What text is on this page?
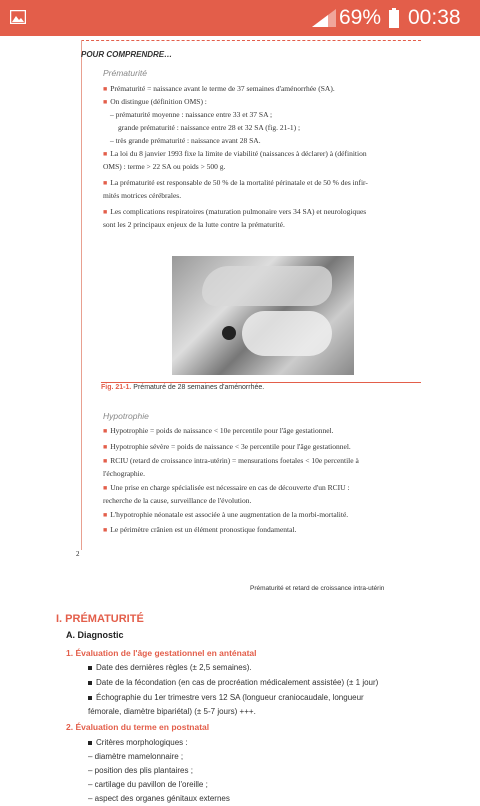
69% 00:38
POUR COMPRENDRE…
Prématurité
■ Prématurité = naissance avant le terme de 37 semaines d'aménorrhée (SA).
■ On distingue (définition OMS) :
– prématurité moyenne : naissance entre 33 et 37 SA ;
grande prématurité : naissance entre 28 et 32 SA (fig. 21-1) ;
– très grande prématurité : naissance avant 28 SA.
■ La loi du 8 janvier 1993 fixe la limite de viabilité (naissances à déclarer) à (définition
OMS) : terme > 22 SA ou poids > 500 g.
■ La prématurité est responsable de 50 % de la mortalité périnatale et de 50 % des infir-
mités motrices cérébrales.
■ Les complications respiratoires (maturation pulmonaire vers 34 SA) et neurologiques
sont les 2 principaux enjeux de la lutte contre la prématurité.
Fig. 21-1. Prématuré de 28 semaines d'aménorrhée.
Hypotrophie
■ Hypotrophie = poids de naissance < 10e percentile pour l'âge gestationnel.
■ Hypotrophie sévère = poids de naissance < 3e percentile pour l'âge gestationnel.
■ RCIU (retard de croissance intra-utérin) = mensurations foetales < 10e percentile à
l'échographie.
■ Une prise en charge spécialisée est nécessaire en cas de découverte d'un RCIU :
recherche de la cause, surveillance de l'évolution.
■ L'hypotrophie néonatale est associée à une augmentation de la morbi-mortalité.
■ Le périmètre crânien est un élément pronostique fondamental.
2
Prématurité et retard de croissance intra-utérin
I. PRÉMATURITÉ
A. Diagnostic
1. Évaluation de l'âge gestationnel en anténatal
Date des dernières règles (± 2,5 semaines).
Date de la fécondation (en cas de procréation médicalement assistée) (± 1 jour)
Échographie du 1er trimestre vers 12 SA (longueur craniocaudale, longueur
fémorale, diamètre bipariétal) (± 5-7 jours) +++.
2. Évaluation du terme en postnatal
Critères morphologiques :
– diamètre mamelonnaire ;
– position des plis plantaires ;
– cartilage du pavillon de l'oreille ;
– aspect des organes génitaux externes
